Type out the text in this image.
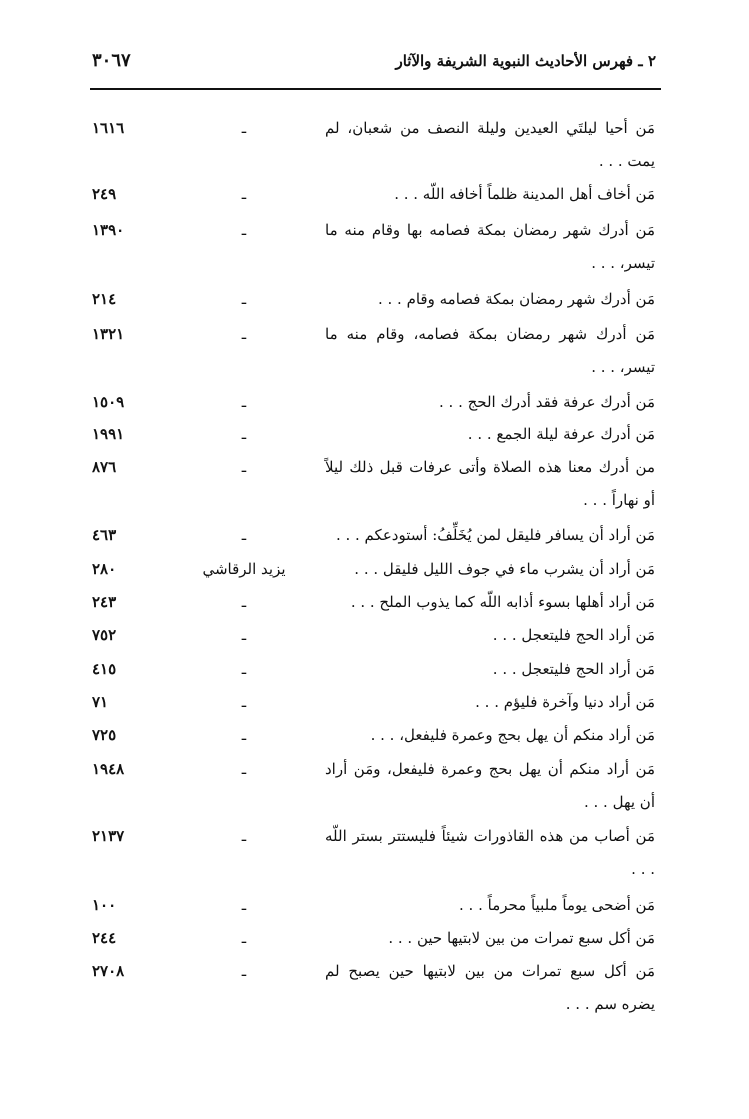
٢ ـ فهرس الأحاديث النبوية الشريفة والآثار
٣٠٦٧
مَن أحيا ليلتَي العيدين وليلة النصف من شعبان، لم يمت . . .
ـ
١٦١٦
مَن أخاف أهل المدينة ظلماً أخافه اللّه . . .
ـ
٢٤٩
مَن أدرك شهر رمضان بمكة فصامه بها وقام منه ما تيسر، . . .
ـ
١٣٩٠
مَن أدرك شهر رمضان بمكة فصامه وقام . . .
ـ
٢١٤
مَن أدرك شهر رمضان بمكة فصامه، وقام منه ما تيسر، . . .
ـ
١٣٢١
مَن أدرك عرفة فقد أدرك الحج . . .
ـ
١٥٠٩
مَن أدرك عرفة ليلة الجمع . . .
ـ
١٩٩١
من أدرك معنا هذه الصلاة وأتى عرفات قبل ذلك ليلاً أو نهاراً . . .
ـ
٨٧٦
مَن أراد أن يسافر فليقل لمن يُخَلِّفُ: أستودعكم . . .
ـ
٤٦٣
مَن أراد أن يشرب ماء في جوف الليل فليقل . . .
يزيد الرقاشي
٢٨٠
مَن أراد أهلها بسوء أذابه اللّه كما يذوب الملح . . .
ـ
٢٤٣
مَن أراد الحج فليتعجل . . .
ـ
٧٥٢
مَن أراد الحج فليتعجل . . .
ـ
٤١٥
مَن أراد دنيا وآخرة فليؤم . . .
ـ
٧١
مَن أراد منكم أن يهل بحج وعمرة فليفعل، . . .
ـ
٧٢٥
مَن أراد منكم أن يهل بحج وعمرة فليفعل، ومَن أراد أن يهل . . .
ـ
١٩٤٨
مَن أصاب من هذه القاذورات شيئاً فليستتر بستر اللّه . . .
ـ
٢١٣٧
مَن أضحى يوماً ملبياً محرماً . . .
ـ
١٠٠
مَن أكل سبع تمرات من بين لابتيها حين . . .
ـ
٢٤٤
مَن أكل سبع تمرات من بين لابتيها حين يصبح لم يضره سم . . .
ـ
٢٧٠٨
